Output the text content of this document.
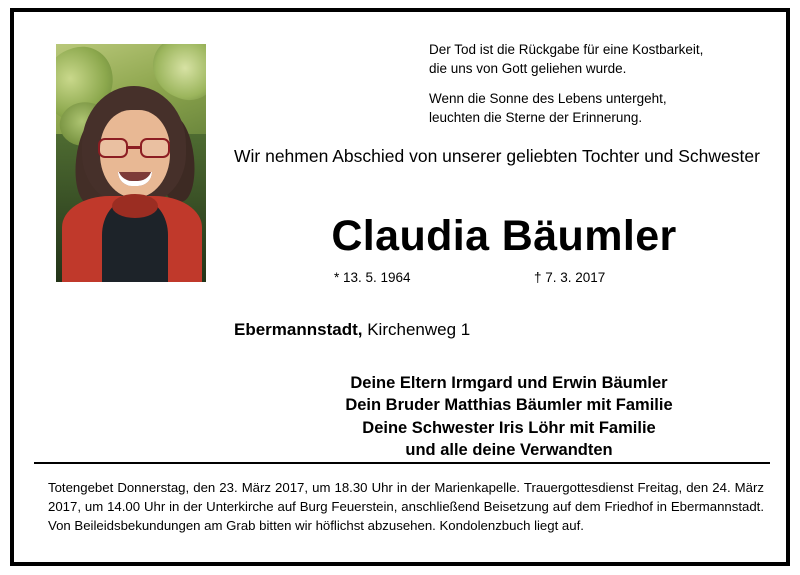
Der Tod ist die Rückgabe für eine Kostbarkeit,

die uns von Gott geliehen wurde.

Wenn die Sonne des Lebens untergeht,

leuchten die Sterne der Erinnerung.

Wir nehmen Abschied von unserer geliebten Tochter und Schwester
Claudia Bäumler
* 13. 5. 1964	† 7. 3. 2017
Ebermannstadt, Kirchenweg 1
Deine Eltern Irmgard und Erwin Bäumler
Dein Bruder Matthias Bäumler mit Familie
Deine Schwester Iris Löhr mit Familie
und alle deine Verwandten
Totengebet Donnerstag, den 23. März 2017, um 18.30 Uhr in der Marienkapelle. Trauergottesdienst Freitag, den 24. März 2017, um 14.00 Uhr in der Unterkirche auf Burg Feuerstein, anschließend Beisetzung auf dem Friedhof in Ebermannstadt. Von Beileidsbekundungen am Grab bitten wir höflichst abzusehen. Kondolenzbuch liegt auf.
